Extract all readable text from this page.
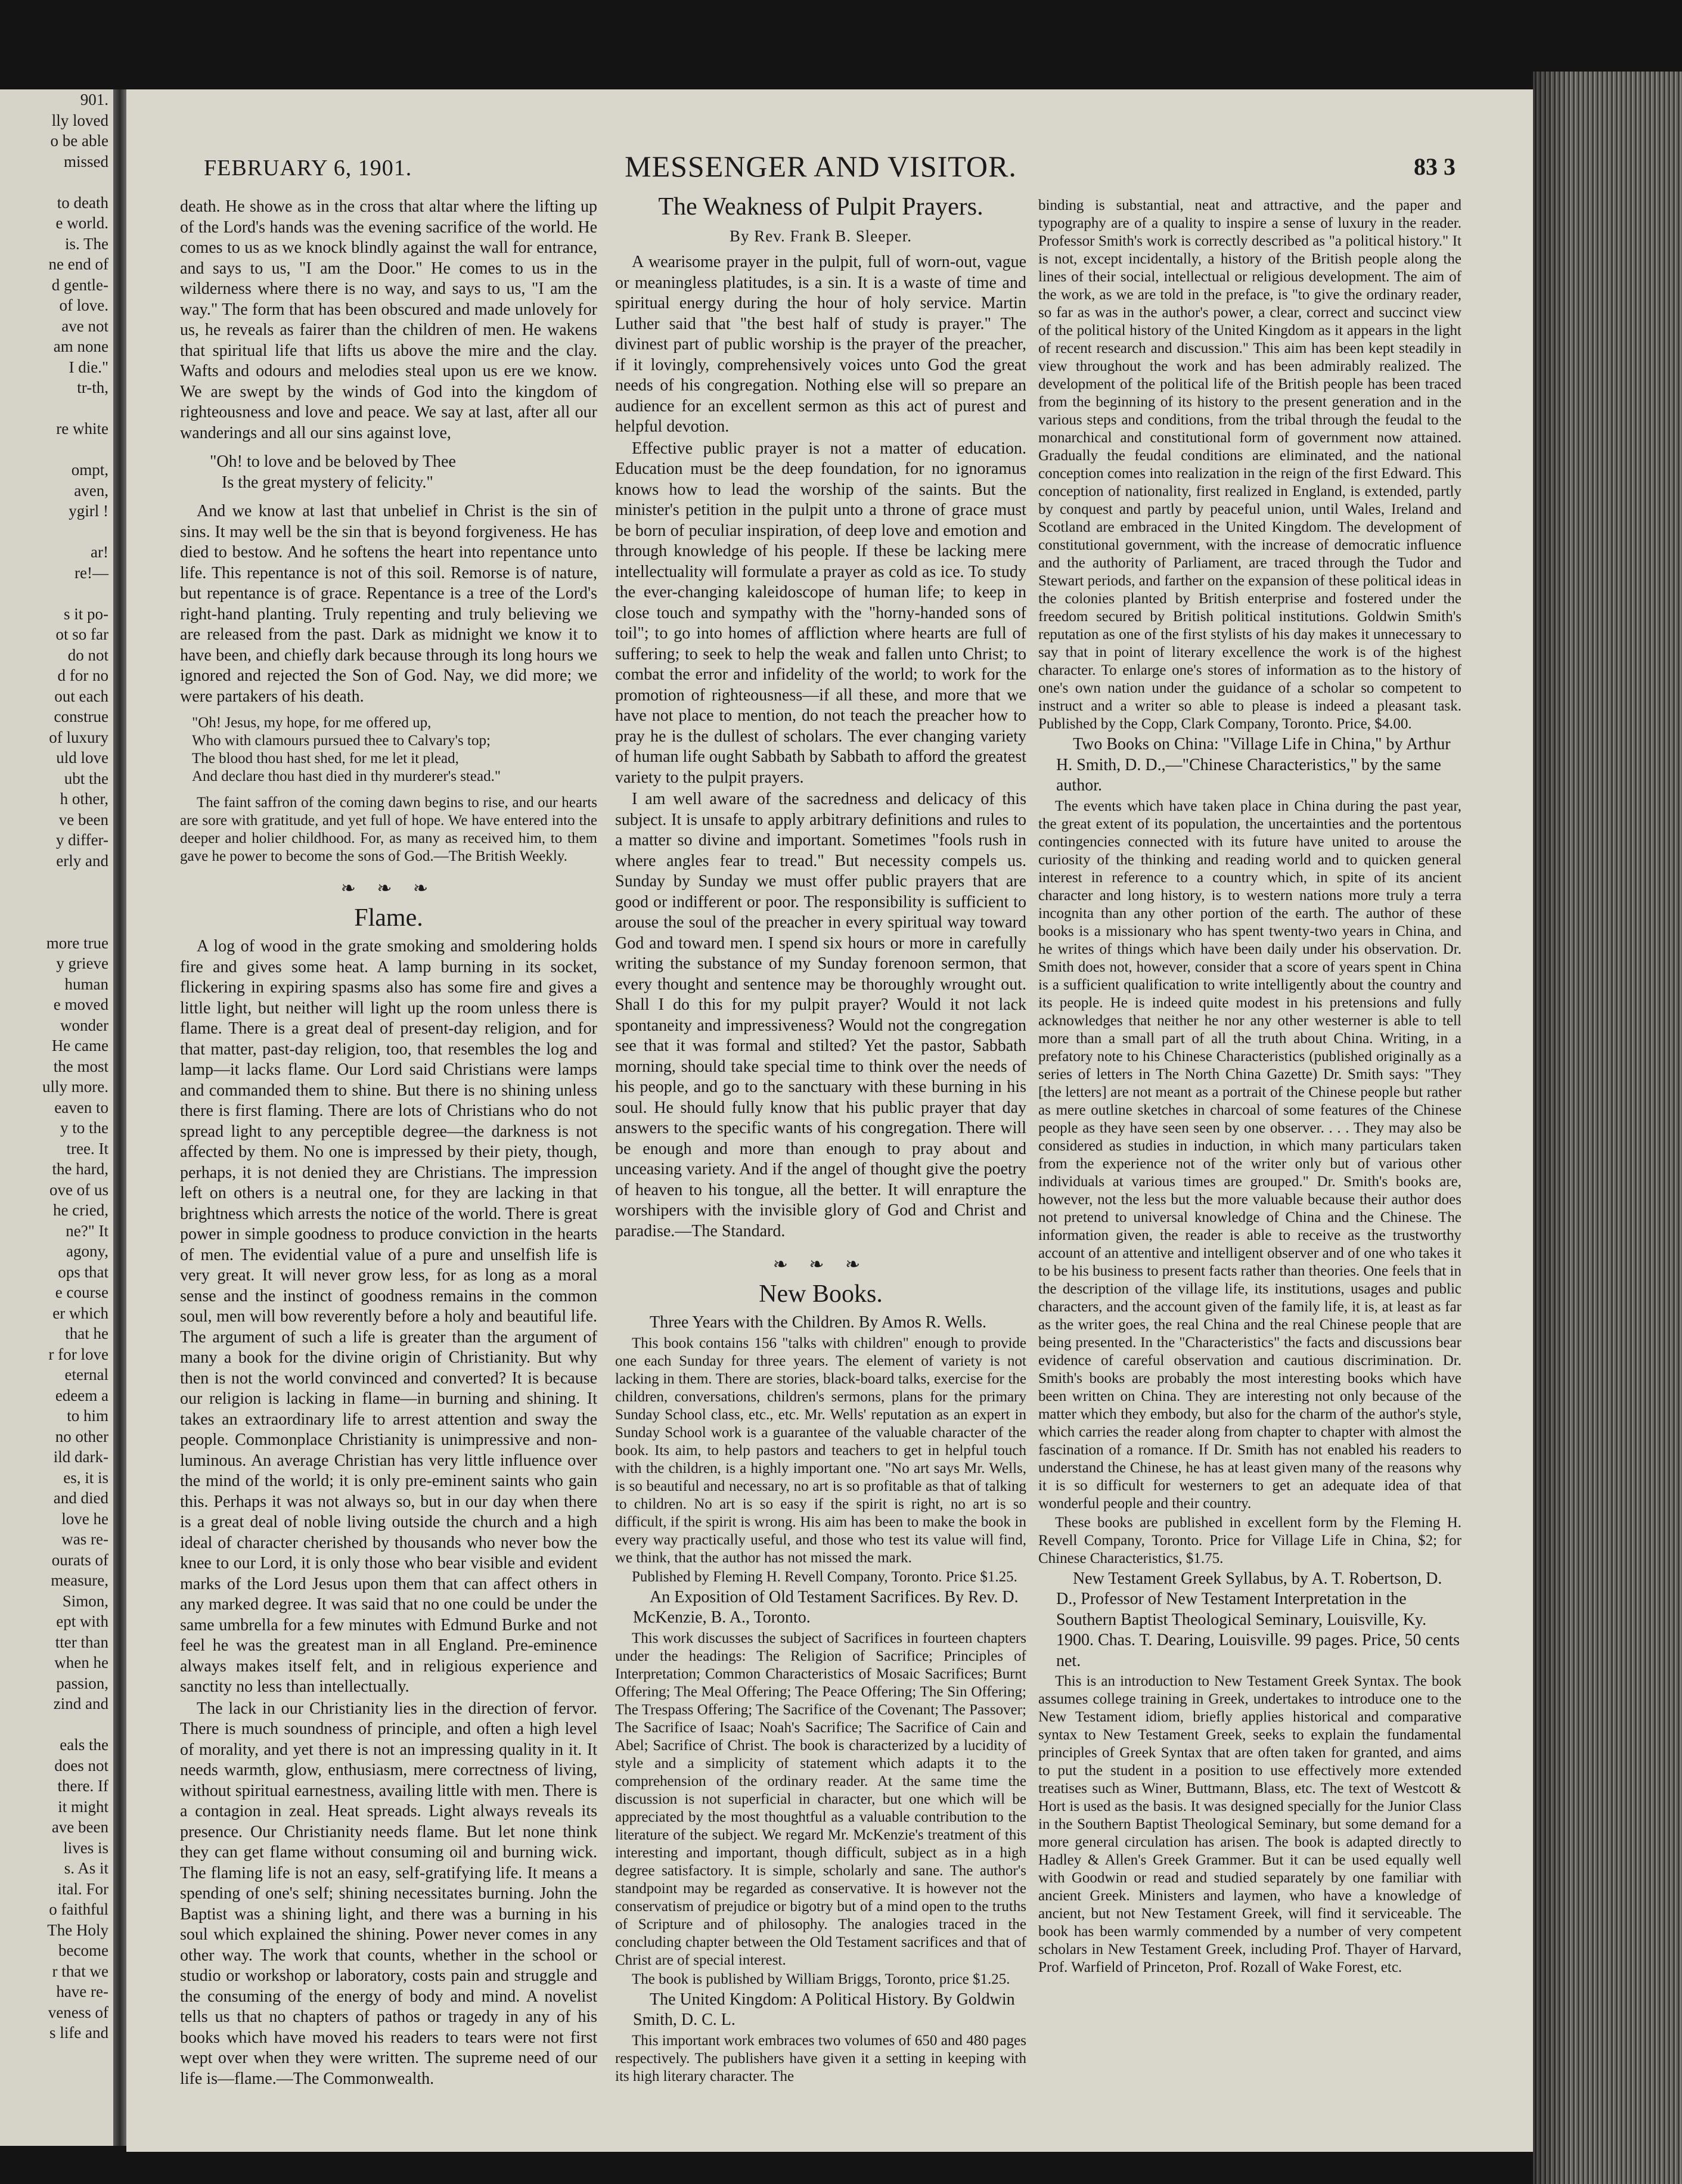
901.
lly loved
o be able
missed
to death
e world.
is. The
ne end of
d gentle-
of love.
ave not
am none
I die."
tr-th,
re white
ompt,
aven,
ygirl !
ar!
re!—
s it po-
ot so far
do not
d for no
out each
construe
of luxury
uld love
ubt the
h other,
ve been
y differ-
erly and
more true
y grieve
human
e moved
wonder
He came
the most
ully more.
eaven to
y to the
tree. It
the hard,
ove of us
he cried,
ne?" It
agony,
ops that
e course
er which
that he
r for love
eternal
edeem a
to him
no other
ild dark-
es, it is
and died
love he
was re-
ourats of
measure,
Simon,
ept with
tter than
when he
passion,
zind and
eals the
does not
there. If
it might
ave been
lives is
s. As it
ital. For
o faithful
The Holy
become
r that we
have re-
veness of
s life and
FEBRUARY 6, 1901.	MESSENGER AND VISITOR.	83 3

death. He showe as in the cross that altar where the lifting up of the Lord's hands was the evening sacrifice of the world. He comes to us as we knock blindly against the wall for entrance, and says to us, "I am the Door." He comes to us in the wilderness where there is no way, and says to us, "I am the way." The form that has been obscured and made unlovely for us, he reveals as fairer than the children of men. He wakens that spiritual life that lifts us above the mire and the clay. Wafts and odours and melodies steal upon us ere we know. We are swept by the winds of God into the kingdom of righteousness and love and peace. We say at last, after all our wanderings and all our sins against love,

"Oh! to love and be beloved by Thee
Is the great mystery of felicity."

And we know at last that unbelief in Christ is the sin of sins. It may well be the sin that is beyond forgiveness. He has died to bestow. And he softens the heart into repentance unto life. This repentance is not of this soil. Remorse is of nature, but repentance is of grace. Repentance is a tree of the Lord's right-hand planting. Truly repenting and truly believing we are released from the past. Dark as midnight we know it to have been, and chiefly dark because through its long hours we ignored and rejected the Son of God. Nay, we did more; we were partakers of his death.

"Oh! Jesus, my hope, for me offered up,
Who with clamours pursued thee to Calvary's top;
The blood thou hast shed, for me let it plead,
And declare thou hast died in thy murderer's stead."

The faint saffron of the coming dawn begins to rise, and our hearts are sore with gratitude, and yet full of hope. We have entered into the deeper and holier childhood. For, as many as received him, to them gave he power to become the sons of God.—The British Weekly.

❧ ❧ ❧
Flame.

A log of wood in the grate smoking and smoldering holds fire and gives some heat. A lamp burning in its socket, flickering in expiring spasms also has some fire and gives a little light, but neither will light up the room unless there is flame. There is a great deal of present-day religion, and for that matter, past-day religion, too, that resembles the log and lamp—it lacks flame. Our Lord said Christians were lamps and commanded them to shine. But there is no shining unless there is first flaming. There are lots of Christians who do not spread light to any perceptible degree—the darkness is not affected by them. No one is impressed by their piety, though, perhaps, it is not denied they are Christians. The impression left on others is a neutral one, for they are lacking in that brightness which arrests the notice of the world. There is great power in simple goodness to produce conviction in the hearts of men. The evidential value of a pure and unselfish life is very great. It will never grow less, for as long as a moral sense and the instinct of goodness remains in the common soul, men will bow reverently before a holy and beautiful life. The argument of such a life is greater than the argument of many a book for the divine origin of Christianity. But why then is not the world convinced and converted? It is because our religion is lacking in flame—in burning and shining. It takes an extraordinary life to arrest attention and sway the people. Commonplace Christianity is unimpressive and non-luminous. An average Christian has very little influence over the mind of the world; it is only pre-eminent saints who gain this. Perhaps it was not always so, but in our day when there is a great deal of noble living outside the church and a high ideal of character cherished by thousands who never bow the knee to our Lord, it is only those who bear visible and evident marks of the Lord Jesus upon them that can affect others in any marked degree. It was said that no one could be under the same umbrella for a few minutes with Edmund Burke and not feel he was the greatest man in all England. Pre-eminence always makes itself felt, and in religious experience and sanctity no less than intellectually.

The lack in our Christianity lies in the direction of fervor. There is much soundness of principle, and often a high level of morality, and yet there is not an impressing quality in it. It needs warmth, glow, enthusiasm, mere correctness of living, without spiritual earnestness, availing little with men. There is a contagion in zeal. Heat spreads. Light always reveals its presence. Our Christianity needs flame. But let none think they can get flame without consuming oil and burning wick. The flaming life is not an easy, self-gratifying life. It means a spending of one's self; shining necessitates burning. John the Baptist was a shining light, and there was a burning in his soul which explained the shining. Power never comes in any other way. The work that counts, whether in the school or studio or workshop or laboratory, costs pain and struggle and the consuming of the energy of body and mind. A novelist tells us that no chapters of pathos or tragedy in any of his books which have moved his readers to tears were not first wept over when they were written. The supreme need of our life is—flame.—The Commonwealth.

The Weakness of Pulpit Prayers.
By Rev. Frank B. Sleeper.

A wearisome prayer in the pulpit, full of worn-out, vague or meaningless platitudes, is a sin. It is a waste of time and spiritual energy during the hour of holy service. Martin Luther said that "the best half of study is prayer." The divinest part of public worship is the prayer of the preacher, if it lovingly, comprehensively voices unto God the great needs of his congregation. Nothing else will so prepare an audience for an excellent sermon as this act of purest and helpful devotion.

Effective public prayer is not a matter of education. Education must be the deep foundation, for no ignoramus knows how to lead the worship of the saints. But the minister's petition in the pulpit unto a throne of grace must be born of peculiar inspiration, of deep love and emotion and through knowledge of his people. If these be lacking mere intellectuality will formulate a prayer as cold as ice. To study the ever-changing kaleidoscope of human life; to keep in close touch and sympathy with the "horny-handed sons of toil"; to go into homes of affliction where hearts are full of suffering; to seek to help the weak and fallen unto Christ; to combat the error and infidelity of the world; to work for the promotion of righteousness—if all these, and more that we have not place to mention, do not teach the preacher how to pray he is the dullest of scholars. The ever changing variety of human life ought Sabbath by Sabbath to afford the greatest variety to the pulpit prayers.

I am well aware of the sacredness and delicacy of this subject. It is unsafe to apply arbitrary definitions and rules to a matter so divine and important. Sometimes "fools rush in where angles fear to tread." But necessity compels us. Sunday by Sunday we must offer public prayers that are good or indifferent or poor. The responsibility is sufficient to arouse the soul of the preacher in every spiritual way toward God and toward men. I spend six hours or more in carefully writing the substance of my Sunday forenoon sermon, that every thought and sentence may be thoroughly wrought out. Shall I do this for my pulpit prayer? Would it not lack spontaneity and impressiveness? Would not the congregation see that it was formal and stilted? Yet the pastor, Sabbath morning, should take special time to think over the needs of his people, and go to the sanctuary with these burning in his soul. He should fully know that his public prayer that day answers to the specific wants of his congregation. There will be enough and more than enough to pray about and unceasing variety. And if the angel of thought give the poetry of heaven to his tongue, all the better. It will enrapture the worshipers with the invisible glory of God and Christ and paradise.—The Standard.

❧ ❧ ❧
New Books.

Three Years with the Children. By Amos R. Wells.

This book contains 156 "talks with children" enough to provide one each Sunday for three years. The element of variety is not lacking in them. There are stories, black-board talks, exercise for the children, conversations, children's sermons, plans for the primary Sunday School class, etc., etc. Mr. Wells' reputation as an expert in Sunday School work is a guarantee of the valuable character of the book. Its aim, to help pastors and teachers to get in helpful touch with the children, is a highly important one. "No art says Mr. Wells, is so beautiful and necessary, no art is so profitable as that of talking to children. No art is so easy if the spirit is right, no art is so difficult, if the spirit is wrong. His aim has been to make the book in every way practically useful, and those who test its value will find, we think, that the author has not missed the mark.

Published by Fleming H. Revell Company, Toronto. Price $1.25.

An Exposition of Old Testament Sacrifices. By Rev. D. McKenzie, B. A., Toronto.

This work discusses the subject of Sacrifices in fourteen chapters under the headings: The Religion of Sacrifice; Principles of Interpretation; Common Characteristics of Mosaic Sacrifices; Burnt Offering; The Meal Offering; The Peace Offering; The Sin Offering; The Trespass Offering; The Sacrifice of the Covenant; The Passover; The Sacrifice of Isaac; Noah's Sacrifice; The Sacrifice of Cain and Abel; Sacrifice of Christ. The book is characterized by a lucidity of style and a simplicity of statement which adapts it to the comprehension of the ordinary reader. At the same time the discussion is not superficial in character, but one which will be appreciated by the most thoughtful as a valuable contribution to the literature of the subject. We regard Mr. McKenzie's treatment of this interesting and important, though difficult, subject as in a high degree satisfactory. It is simple, scholarly and sane. The author's standpoint may be regarded as conservative. It is however not the conservatism of prejudice or bigotry but of a mind open to the truths of Scripture and of philosophy. The analogies traced in the concluding chapter between the Old Testament sacrifices and that of Christ are of special interest.

The book is published by William Briggs, Toronto, price $1.25.

The United Kingdom: A Political History. By Goldwin Smith, D. C. L.

This important work embraces two volumes of 650 and 480 pages respectively. The publishers have given it a setting in keeping with its high literary character. The

binding is substantial, neat and attractive, and the paper and typography are of a quality to inspire a sense of luxury in the reader. Professor Smith's work is correctly described as "a political history." It is not, except incidentally, a history of the British people along the lines of their social, intellectual or religious development. The aim of the work, as we are told in the preface, is "to give the ordinary reader, so far as was in the author's power, a clear, correct and succinct view of the political history of the United Kingdom as it appears in the light of recent research and discussion." This aim has been kept steadily in view throughout the work and has been admirably realized. The development of the political life of the British people has been traced from the beginning of its history to the present generation and in the various steps and conditions, from the tribal through the feudal to the monarchical and constitutional form of government now attained. Gradually the feudal conditions are eliminated, and the national conception comes into realization in the reign of the first Edward. This conception of nationality, first realized in England, is extended, partly by conquest and partly by peaceful union, until Wales, Ireland and Scotland are embraced in the United Kingdom. The development of constitutional government, with the increase of democratic influence and the authority of Parliament, are traced through the Tudor and Stewart periods, and farther on the expansion of these political ideas in the colonies planted by British enterprise and fostered under the freedom secured by British political institutions. Goldwin Smith's reputation as one of the first stylists of his day makes it unnecessary to say that in point of literary excellence the work is of the highest character. To enlarge one's stores of information as to the history of one's own nation under the guidance of a scholar so competent to instruct and a writer so able to please is indeed a pleasant task. Published by the Copp, Clark Company, Toronto. Price, $4.00.

Two Books on China: "Village Life in China," by Arthur H. Smith, D. D.,—"Chinese Characteristics," by the same author.

The events which have taken place in China during the past year, the great extent of its population, the uncertainties and the portentous contingencies connected with its future have united to arouse the curiosity of the thinking and reading world and to quicken general interest in reference to a country which, in spite of its ancient character and long history, is to western nations more truly a terra incognita than any other portion of the earth. The author of these books is a missionary who has spent twenty-two years in China, and he writes of things which have been daily under his observation. Dr. Smith does not, however, consider that a score of years spent in China is a sufficient qualification to write intelligently about the country and its people. He is indeed quite modest in his pretensions and fully acknowledges that neither he nor any other westerner is able to tell more than a small part of all the truth about China. Writing, in a prefatory note to his Chinese Characteristics (published originally as a series of letters in The North China Gazette) Dr. Smith says: "They [the letters] are not meant as a portrait of the Chinese people but rather as mere outline sketches in charcoal of some features of the Chinese people as they have seen seen by one observer. . . . They may also be considered as studies in induction, in which many particulars taken from the experience not of the writer only but of various other individuals at various times are grouped." Dr. Smith's books are, however, not the less but the more valuable because their author does not pretend to universal knowledge of China and the Chinese. The information given, the reader is able to receive as the trustworthy account of an attentive and intelligent observer and of one who takes it to be his business to present facts rather than theories. One feels that in the description of the village life, its institutions, usages and public characters, and the account given of the family life, it is, at least as far as the writer goes, the real China and the real Chinese people that are being presented. In the "Characteristics" the facts and discussions bear evidence of careful observation and cautious discrimination. Dr. Smith's books are probably the most interesting books which have been written on China. They are interesting not only because of the matter which they embody, but also for the charm of the author's style, which carries the reader along from chapter to chapter with almost the fascination of a romance. If Dr. Smith has not enabled his readers to understand the Chinese, he has at least given many of the reasons why it is so difficult for westerners to get an adequate idea of that wonderful people and their country.

These books are published in excellent form by the Fleming H. Revell Company, Toronto. Price for Village Life in China, $2; for Chinese Characteristics, $1.75.

New Testament Greek Syllabus, by A. T. Robertson, D. D., Professor of New Testament Interpretation in the Southern Baptist Theological Seminary, Louisville, Ky. 1900. Chas. T. Dearing, Louisville. 99 pages. Price, 50 cents net.

This is an introduction to New Testament Greek Syntax. The book assumes college training in Greek, undertakes to introduce one to the New Testament idiom, briefly applies historical and comparative syntax to New Testament Greek, seeks to explain the fundamental principles of Greek Syntax that are often taken for granted, and aims to put the student in a position to use effectively more extended treatises such as Winer, Buttmann, Blass, etc. The text of Westcott & Hort is used as the basis. It was designed specially for the Junior Class in the Southern Baptist Theological Seminary, but some demand for a more general circulation has arisen. The book is adapted directly to Hadley & Allen's Greek Grammer. But it can be used equally well with Goodwin or read and studied separately by one familiar with ancient Greek. Ministers and laymen, who have a knowledge of ancient, but not New Testament Greek, will find it serviceable. The book has been warmly commended by a number of very competent scholars in New Testament Greek, including Prof. Thayer of Harvard, Prof. Warfield of Princeton, Prof. Rozall of Wake Forest, etc.
